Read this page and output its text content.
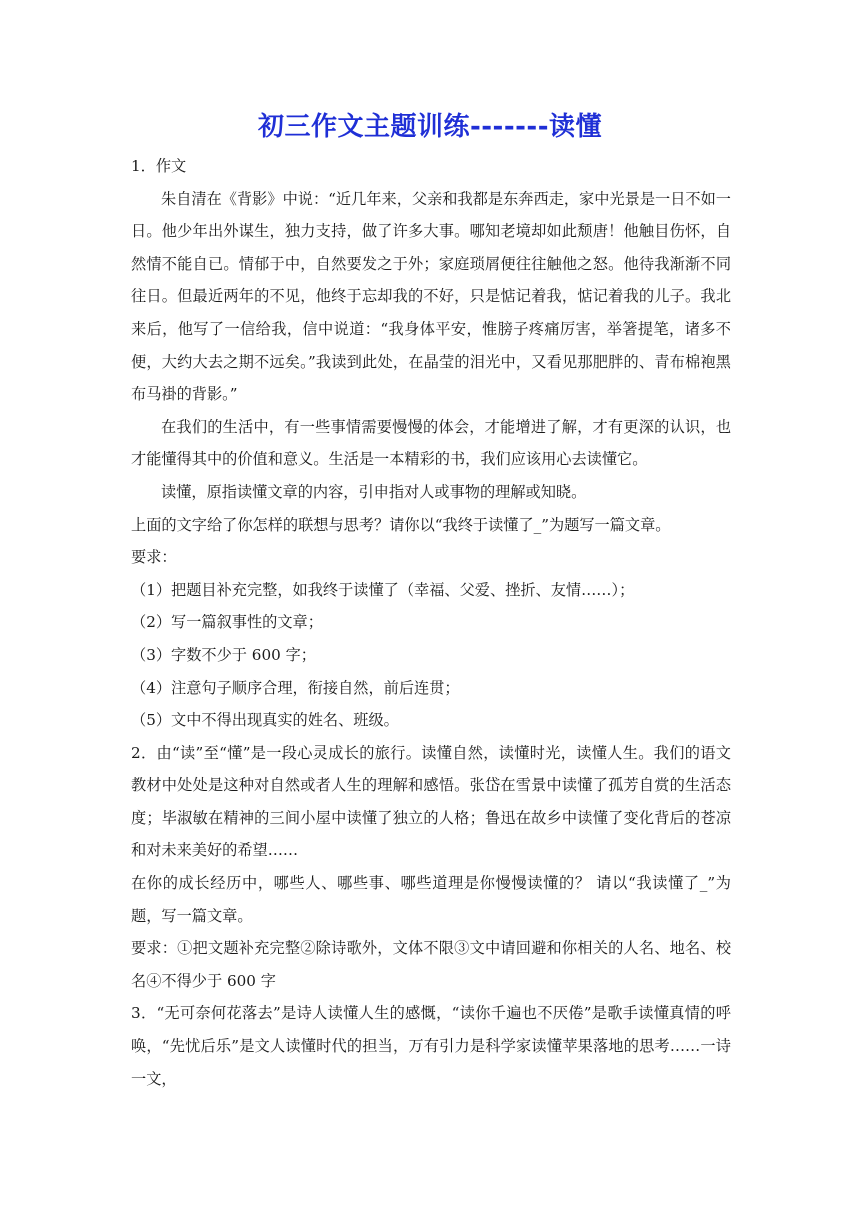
初三作文主题训练-------读懂

1．作文

朱自清在《背影》中说：“近几年来，父亲和我都是东奔西走，家中光景是一日不如一日。他少年出外谋生，独力支持，做了许多大事。哪知老境却如此颓唐！他触目伤怀，自然情不能自已。情郁于中，自然要发之于外；家庭琐屑便往往触他之怒。他待我渐渐不同往日。但最近两年的不见，他终于忘却我的不好，只是惦记着我，惦记着我的儿子。我北来后，他写了一信给我，信中说道：“我身体平安，惟膀子疼痛厉害，举箸提笔，诸多不便，大约大去之期不远矣。”我读到此处，在晶莹的泪光中，又看见那肥胖的、青布棉袍黑布马褂的背影。”

在我们的生活中，有一些事情需要慢慢的体会，才能增进了解，才有更深的认识，也才能懂得其中的价值和意义。生活是一本精彩的书，我们应该用心去读懂它。

读懂，原指读懂文章的内容，引申指对人或事物的理解或知晓。

上面的文字给了你怎样的联想与思考？请你以“我终于读懂了_”为题写一篇文章。

要求：

（1）把题目补充完整，如我终于读懂了（幸福、父爱、挫折、友情……）；

（2）写一篇叙事性的文章；

（3）字数不少于 600 字；

（4）注意句子顺序合理，衔接自然，前后连贯；

（5）文中不得出现真实的姓名、班级。

2．由“读”至“懂”是一段心灵成长的旅行。读懂自然，读懂时光，读懂人生。我们的语文教材中处处是这种对自然或者人生的理解和感悟。张岱在雪景中读懂了孤芳自赏的生活态度；毕淑敏在精神的三间小屋中读懂了独立的人格；鲁迅在故乡中读懂了变化背后的苍凉和对未来美好的希望……

在你的成长经历中，哪些人、哪些事、哪些道理是你慢慢读懂的？ 请以“我读懂了_”为题，写一篇文章。

要求：①把文题补充完整②除诗歌外，文体不限③文中请回避和你相关的人名、地名、校名④不得少于 600 字

3．“无可奈何花落去”是诗人读懂人生的感慨，“读你千遍也不厌倦”是歌手读懂真情的呼唤，“先忧后乐”是文人读懂时代的担当，万有引力是科学家读懂苹果落地的思考……一诗一文，
